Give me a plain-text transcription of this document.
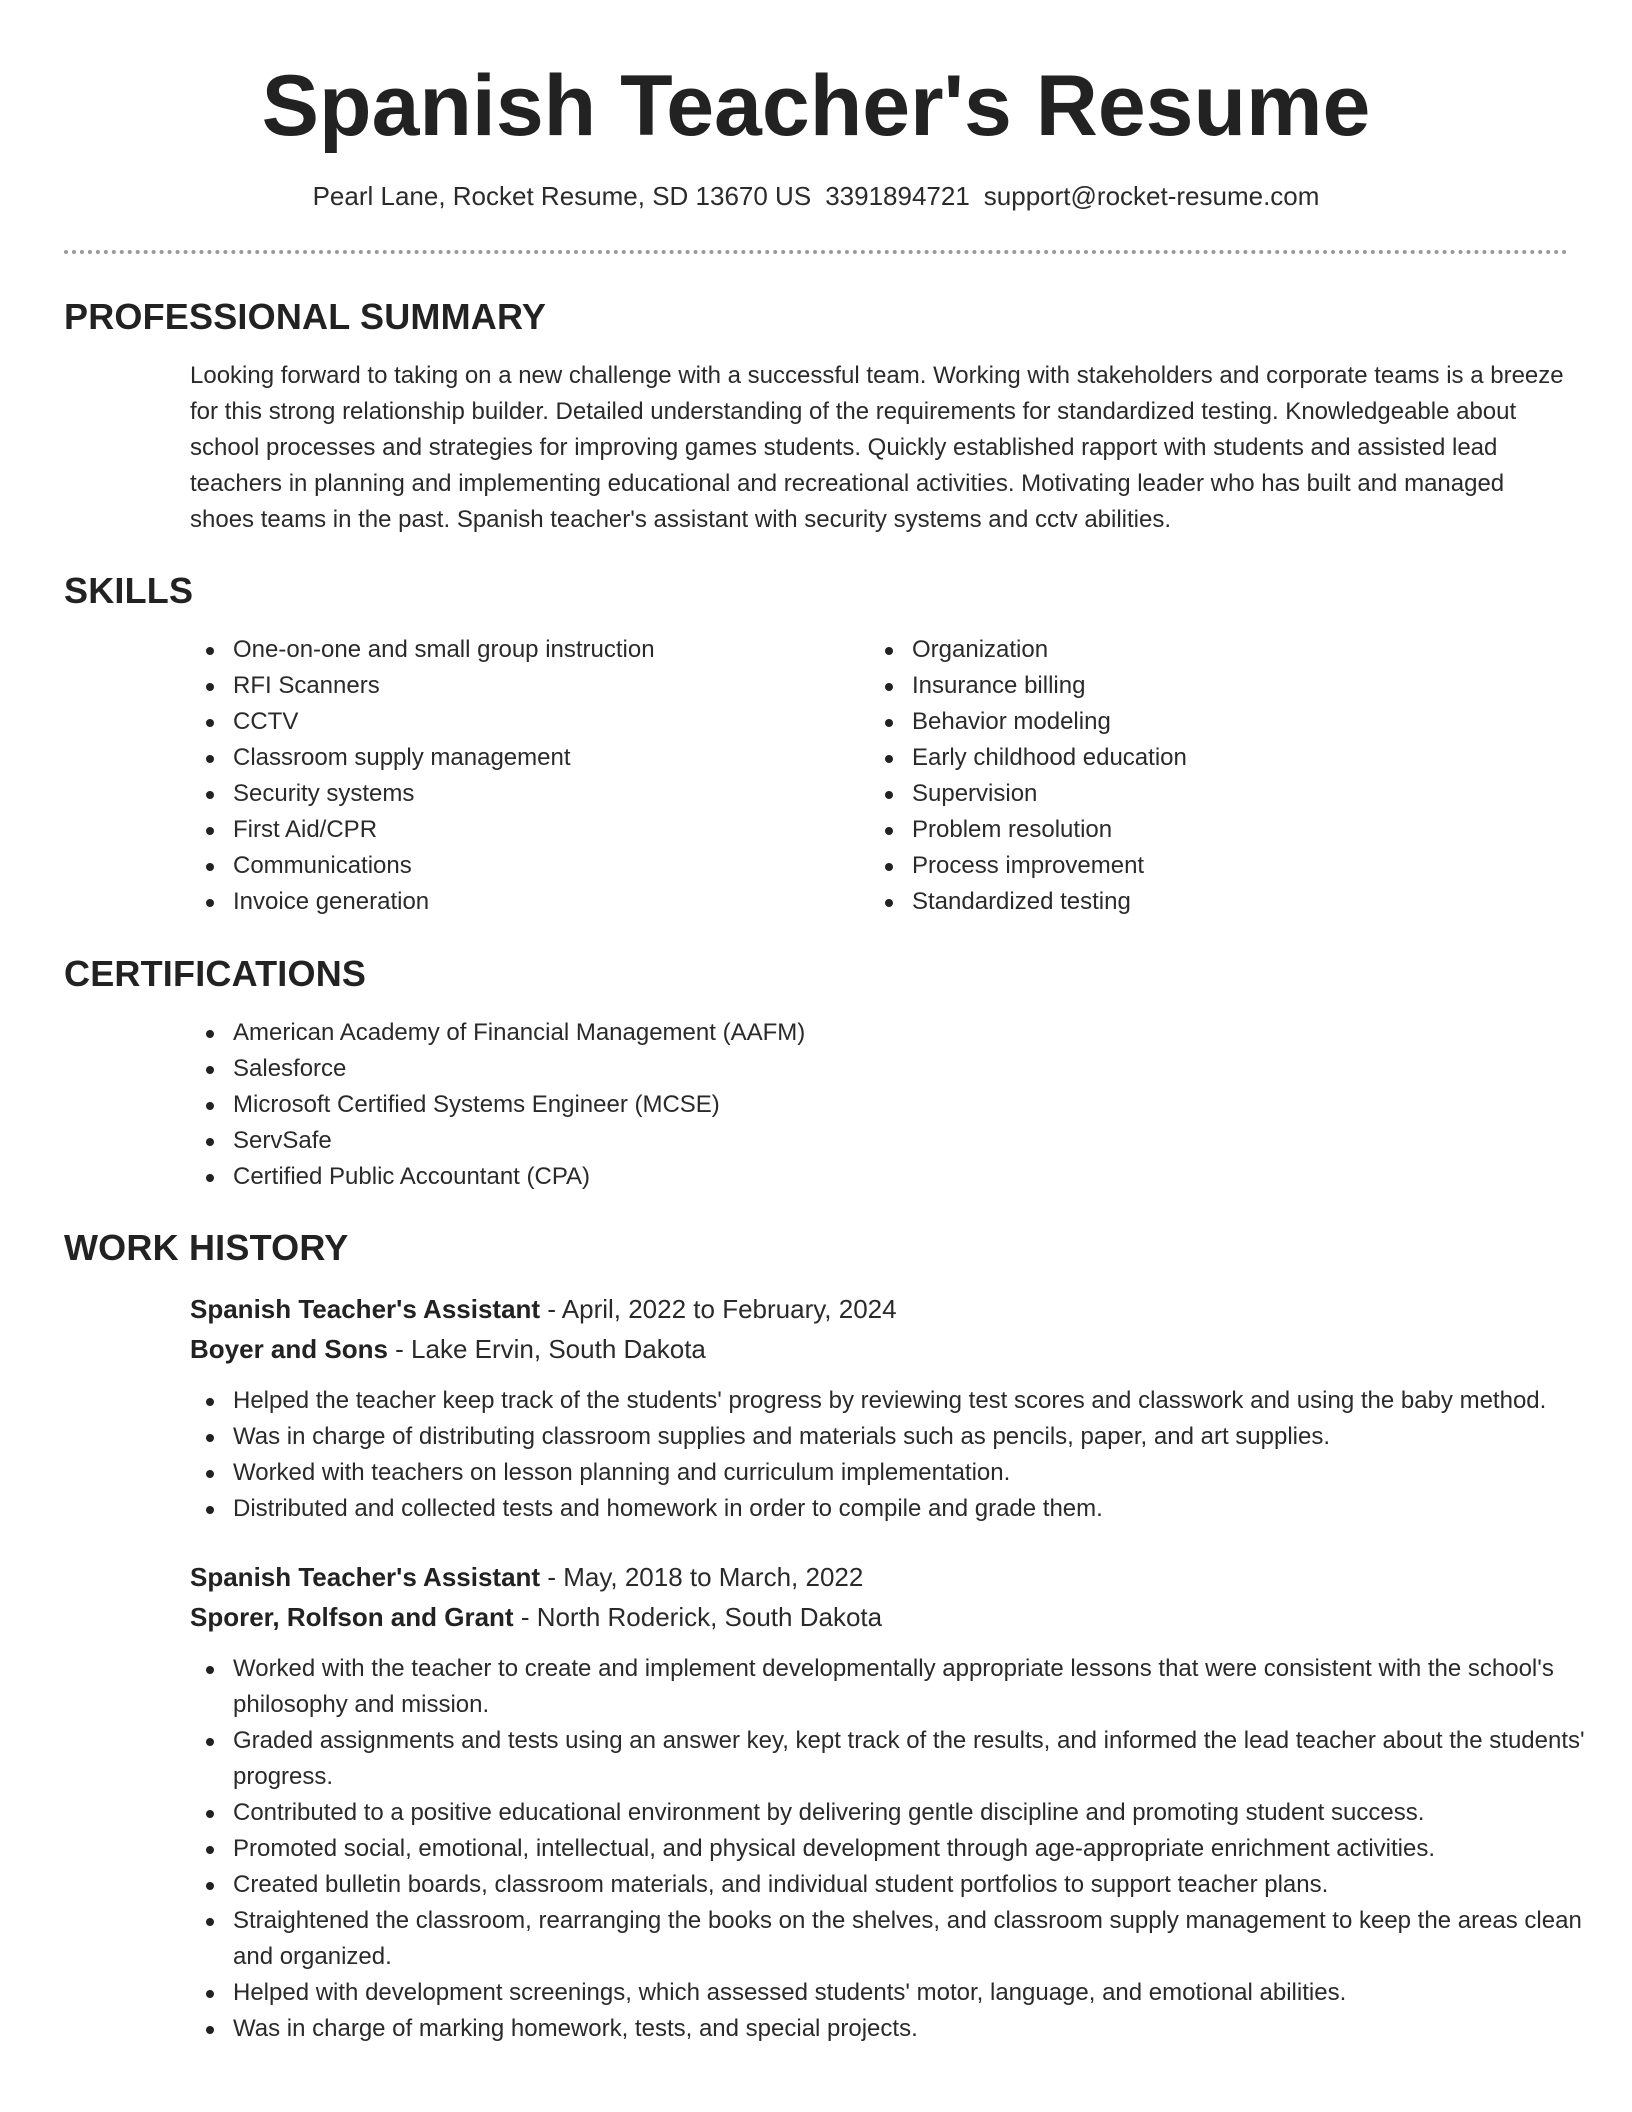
Spanish Teacher's Resume
Pearl Lane, Rocket Resume, SD 13670 US 3391894721 support@rocket-resume.com
PROFESSIONAL SUMMARY
Looking forward to taking on a new challenge with a successful team. Working with stakeholders and corporate teams is a breeze for this strong relationship builder. Detailed understanding of the requirements for standardized testing. Knowledgeable about school processes and strategies for improving games students. Quickly established rapport with students and assisted lead teachers in planning and implementing educational and recreational activities. Motivating leader who has built and managed shoes teams in the past. Spanish teacher's assistant with security systems and cctv abilities.
SKILLS
One-on-one and small group instruction
RFI Scanners
CCTV
Classroom supply management
Security systems
First Aid/CPR
Communications
Invoice generation
Organization
Insurance billing
Behavior modeling
Early childhood education
Supervision
Problem resolution
Process improvement
Standardized testing
CERTIFICATIONS
American Academy of Financial Management (AAFM)
Salesforce
Microsoft Certified Systems Engineer (MCSE)
ServSafe
Certified Public Accountant (CPA)
WORK HISTORY
Spanish Teacher's Assistant - April, 2022 to February, 2024
Boyer and Sons - Lake Ervin, South Dakota
Helped the teacher keep track of the students' progress by reviewing test scores and classwork and using the baby method.
Was in charge of distributing classroom supplies and materials such as pencils, paper, and art supplies.
Worked with teachers on lesson planning and curriculum implementation.
Distributed and collected tests and homework in order to compile and grade them.
Spanish Teacher's Assistant - May, 2018 to March, 2022
Sporer, Rolfson and Grant - North Roderick, South Dakota
Worked with the teacher to create and implement developmentally appropriate lessons that were consistent with the school's philosophy and mission.
Graded assignments and tests using an answer key, kept track of the results, and informed the lead teacher about the students' progress.
Contributed to a positive educational environment by delivering gentle discipline and promoting student success.
Promoted social, emotional, intellectual, and physical development through age-appropriate enrichment activities.
Created bulletin boards, classroom materials, and individual student portfolios to support teacher plans.
Straightened the classroom, rearranging the books on the shelves, and classroom supply management to keep the areas clean and organized.
Helped with development screenings, which assessed students' motor, language, and emotional abilities.
Was in charge of marking homework, tests, and special projects.
